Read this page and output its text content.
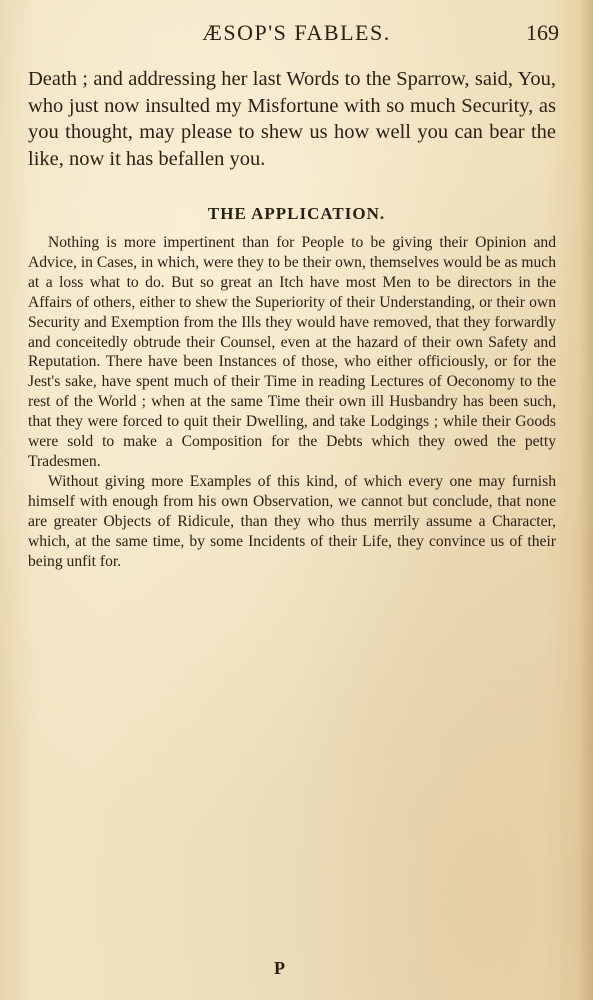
ÆSOP'S FABLES.	169

Death ; and addressing her last Words to the Sparrow, said, You, who just now insulted my Misfortune with so much Security, as you thought, may please to shew us how well you can bear the like, now it has befallen you.

THE APPLICATION.

Nothing is more impertinent than for People to be giving their Opinion and Advice, in Cases, in which, were they to be their own, themselves would be as much at a loss what to do. But so great an Itch have most Men to be directors in the Affairs of others, either to shew the Superiority of their Understanding, or their own Security and Exemption from the Ills they would have removed, that they forwardly and conceitedly obtrude their Counsel, even at the hazard of their own Safety and Reputation. There have been Instances of those, who either officiously, or for the Jest's sake, have spent much of their Time in reading Lectures of Oeconomy to the rest of the World ; when at the same Time their own ill Husbandry has been such, that they were forced to quit their Dwelling, and take Lodgings ; while their Goods were sold to make a Composition for the Debts which they owed the petty Tradesmen.

Without giving more Examples of this kind, of which every one may furnish himself with enough from his own Observation, we cannot but conclude, that none are greater Objects of Ridicule, than they who thus merrily assume a Character, which, at the same time, by some Incidents of their Life, they convince us of their being unfit for.

P
